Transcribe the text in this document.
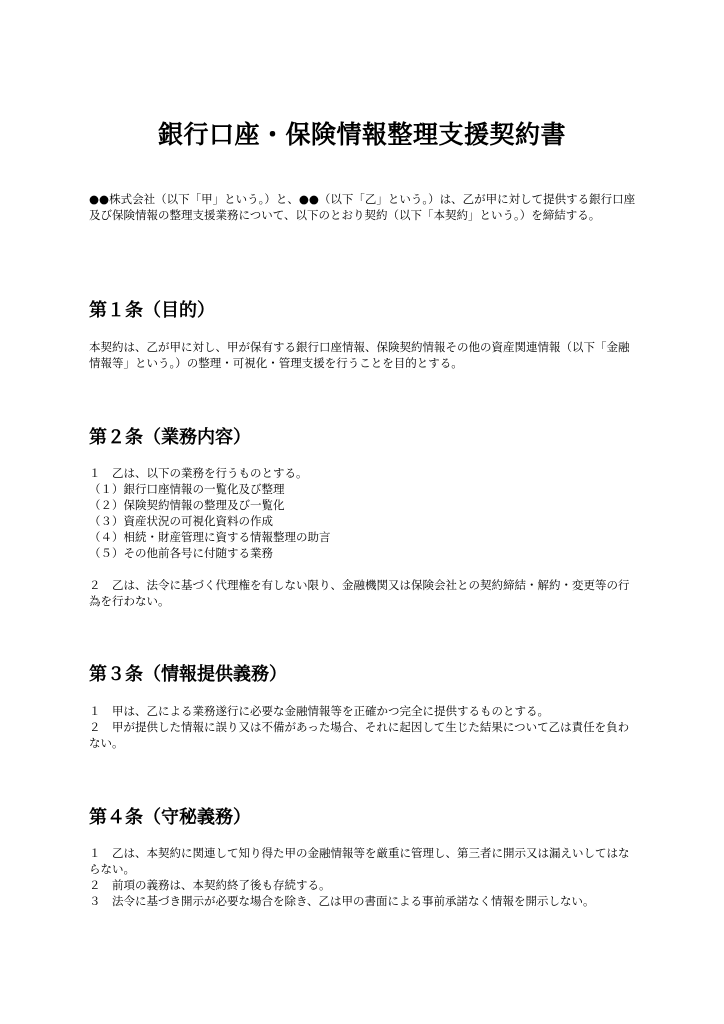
銀行口座・保険情報整理支援契約書

●●株式会社（以下「甲」という。）と、●●（以下「乙」という。）は、乙が甲に対して提供する銀行口座及び保険情報の整理支援業務について、以下のとおり契約（以下「本契約」という。）を締結する。

第１条（目的）

本契約は、乙が甲に対し、甲が保有する銀行口座情報、保険契約情報その他の資産関連情報（以下「金融情報等」という。）の整理・可視化・管理支援を行うことを目的とする。

第２条（業務内容）

１　乙は、以下の業務を行うものとする。

（１）銀行口座情報の一覧化及び整理

（２）保険契約情報の整理及び一覧化

（３）資産状況の可視化資料の作成

（４）相続・財産管理に資する情報整理の助言

（５）その他前各号に付随する業務

２　乙は、法令に基づく代理権を有しない限り、金融機関又は保険会社との契約締結・解約・変更等の行為を行わない。

第３条（情報提供義務）

１　甲は、乙による業務遂行に必要な金融情報等を正確かつ完全に提供するものとする。

２　甲が提供した情報に誤り又は不備があった場合、それに起因して生じた結果について乙は責任を負わない。

第４条（守秘義務）

１　乙は、本契約に関連して知り得た甲の金融情報等を厳重に管理し、第三者に開示又は漏えいしてはならない。

２　前項の義務は、本契約終了後も存続する。

３　法令に基づき開示が必要な場合を除き、乙は甲の書面による事前承諾なく情報を開示しない。
